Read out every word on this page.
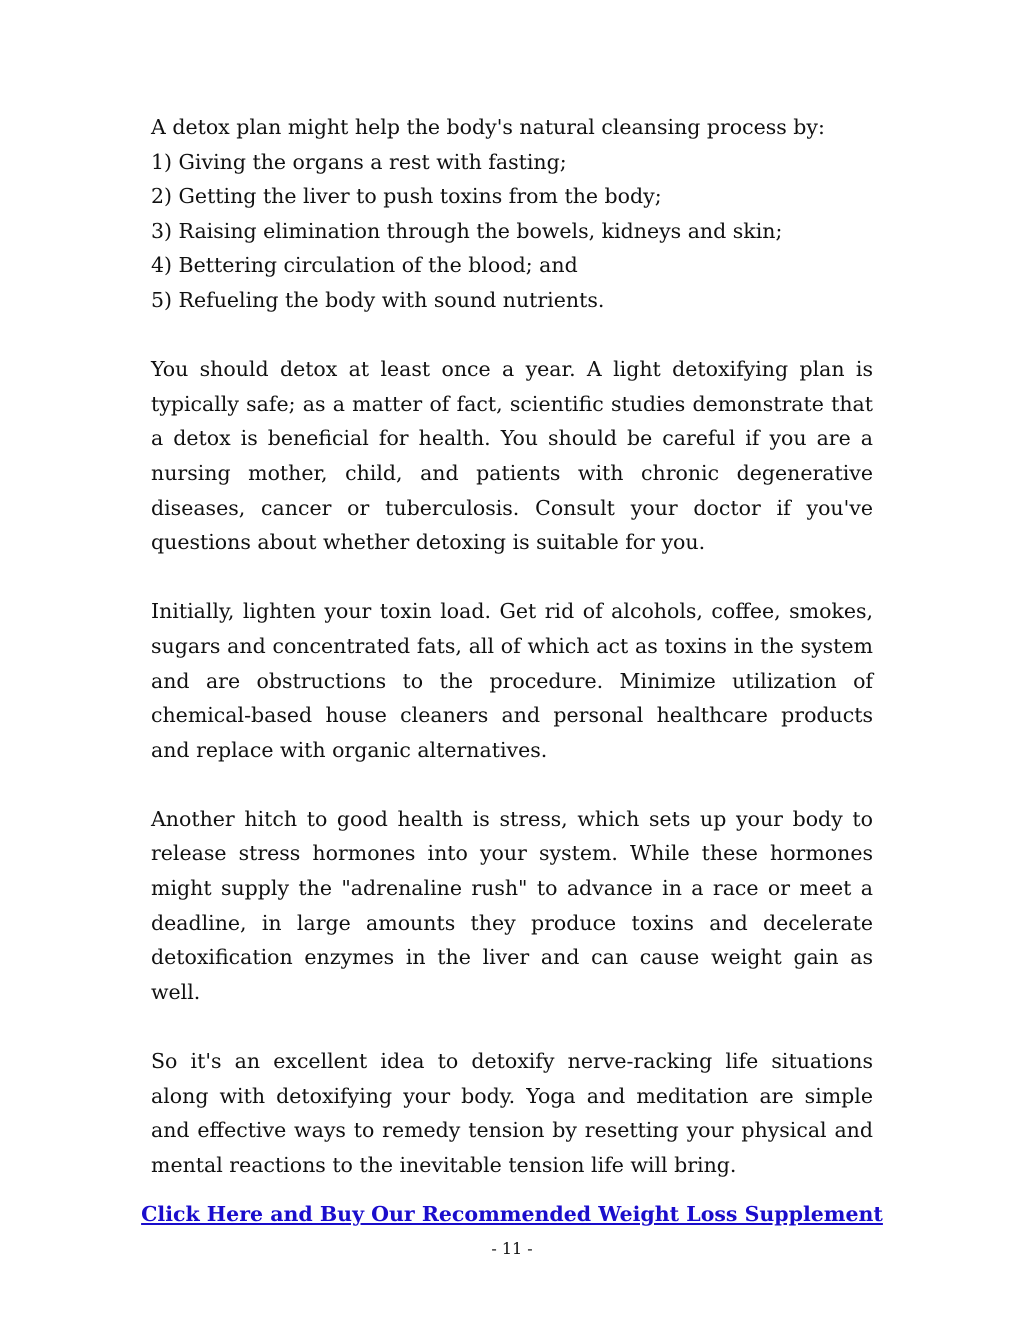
A detox plan might help the body's natural cleansing process by:
1) Giving the organs a rest with fasting;
2) Getting the liver to push toxins from the body;
3) Raising elimination through the bowels, kidneys and skin;
4) Bettering circulation of the blood; and
5) Refueling the body with sound nutrients.

You should detox at least once a year. A light detoxifying plan is typically safe; as a matter of fact, scientific studies demonstrate that a detox is beneficial for health. You should be careful if you are a nursing mother, child, and patients with chronic degenerative diseases, cancer or tuberculosis. Consult your doctor if you've questions about whether detoxing is suitable for you.

Initially, lighten your toxin load. Get rid of alcohols, coffee, smokes, sugars and concentrated fats, all of which act as toxins in the system and are obstructions to the procedure. Minimize utilization of chemical-based house cleaners and personal healthcare products and replace with organic alternatives.

Another hitch to good health is stress, which sets up your body to release stress hormones into your system. While these hormones might supply the "adrenaline rush" to advance in a race or meet a deadline, in large amounts they produce toxins and decelerate detoxification enzymes in the liver and can cause weight gain as well.

So it's an excellent idea to detoxify nerve-racking life situations along with detoxifying your body. Yoga and meditation are simple and effective ways to remedy tension by resetting your physical and mental reactions to the inevitable tension life will bring.

Click Here and Buy Our Recommended Weight Loss Supplement
- 11 -
